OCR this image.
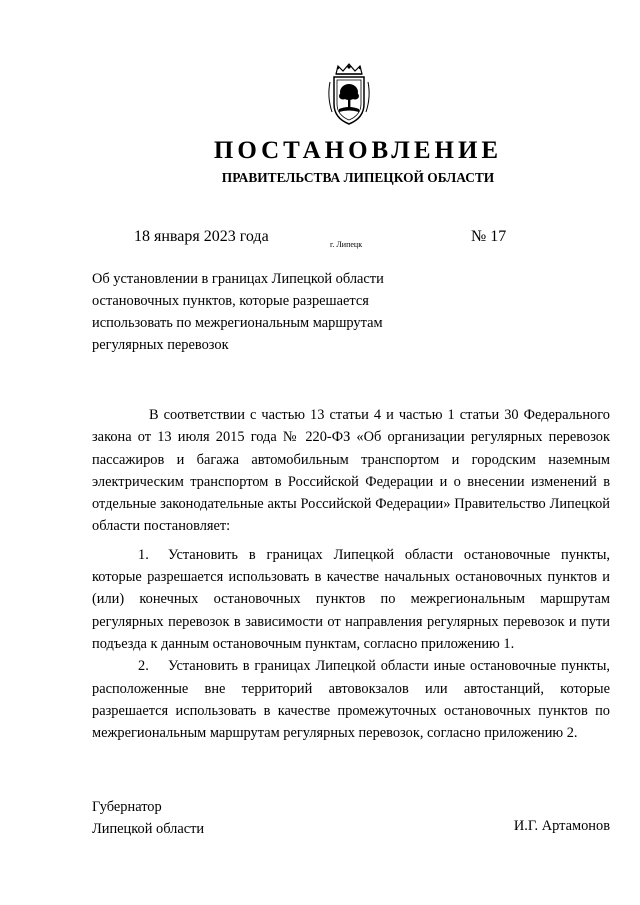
ПОСТАНОВЛЕНИЕ
ПРАВИТЕЛЬСТВА ЛИПЕЦКОЙ ОБЛАСТИ
18 января 2023 года	г. Липецк	№ 17
Об установлении в границах Липецкой области
остановочных пунктов, которые разрешается
использовать по межрегиональным маршрутам
регулярных перевозок

В соответствии с частью 13 статьи 4 и частью 1 статьи 30 Федерального закона от 13 июля 2015 года № 220-ФЗ «Об организации регулярных перевозок пассажиров и багажа автомобильным транспортом и городским наземным электрическим транспортом в Российской Федерации и о внесении изменений в отдельные законодательные акты Российской Федерации» Правительство Липецкой области постановляет:

1. Установить в границах Липецкой области остановочные пункты, которые разрешается использовать в качестве начальных остановочных пунктов и (или) конечных остановочных пунктов по межрегиональным маршрутам регулярных перевозок в зависимости от направления регулярных перевозок и пути подъезда к данным остановочным пунктам, согласно приложению 1.

2. Установить в границах Липецкой области иные остановочные пункты, расположенные вне территорий автовокзалов или автостанций, которые разрешается использовать в качестве промежуточных остановочных пунктов по межрегиональным маршрутам регулярных перевозок, согласно приложению 2.

Губернатор
Липецкой области	И.Г. Артамонов
